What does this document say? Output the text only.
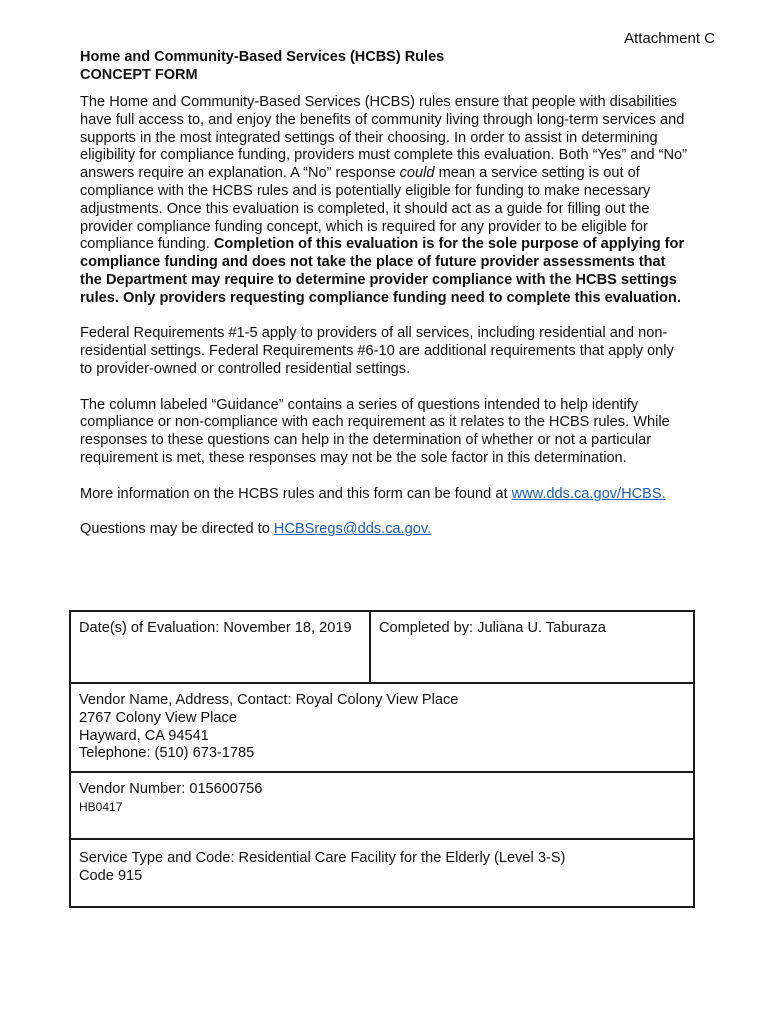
Attachment C
Home and Community-Based Services (HCBS) Rules
CONCEPT FORM

The Home and Community-Based Services (HCBS) rules ensure that people with disabilities have full access to, and enjoy the benefits of community living through long-term services and supports in the most integrated settings of their choosing. In order to assist in determining eligibility for compliance funding, providers must complete this evaluation. Both “Yes” and “No” answers require an explanation. A “No” response could mean a service setting is out of compliance with the HCBS rules and is potentially eligible for funding to make necessary adjustments. Once this evaluation is completed, it should act as a guide for filling out the provider compliance funding concept, which is required for any provider to be eligible for compliance funding. Completion of this evaluation is for the sole purpose of applying for compliance funding and does not take the place of future provider assessments that the Department may require to determine provider compliance with the HCBS settings rules. Only providers requesting compliance funding need to complete this evaluation.

Federal Requirements #1-5 apply to providers of all services, including residential and non-residential settings. Federal Requirements #6-10 are additional requirements that apply only to provider-owned or controlled residential settings.

The column labeled “Guidance” contains a series of questions intended to help identify compliance or non-compliance with each requirement as it relates to the HCBS rules. While responses to these questions can help in the determination of whether or not a particular requirement is met, these responses may not be the sole factor in this determination.

More information on the HCBS rules and this form can be found at www.dds.ca.gov/HCBS.

Questions may be directed to HCBSregs@dds.ca.gov.

Date(s) of Evaluation: November 18, 2019	Completed by: Juliana U. Taburaza

Vendor Name, Address, Contact: Royal Colony View Place
2767 Colony View Place
Hayward, CA 94541
Telephone: (510) 673-1785

Vendor Number: 015600756
HB0417

Service Type and Code: Residential Care Facility for the Elderly (Level 3-S)
Code 915
